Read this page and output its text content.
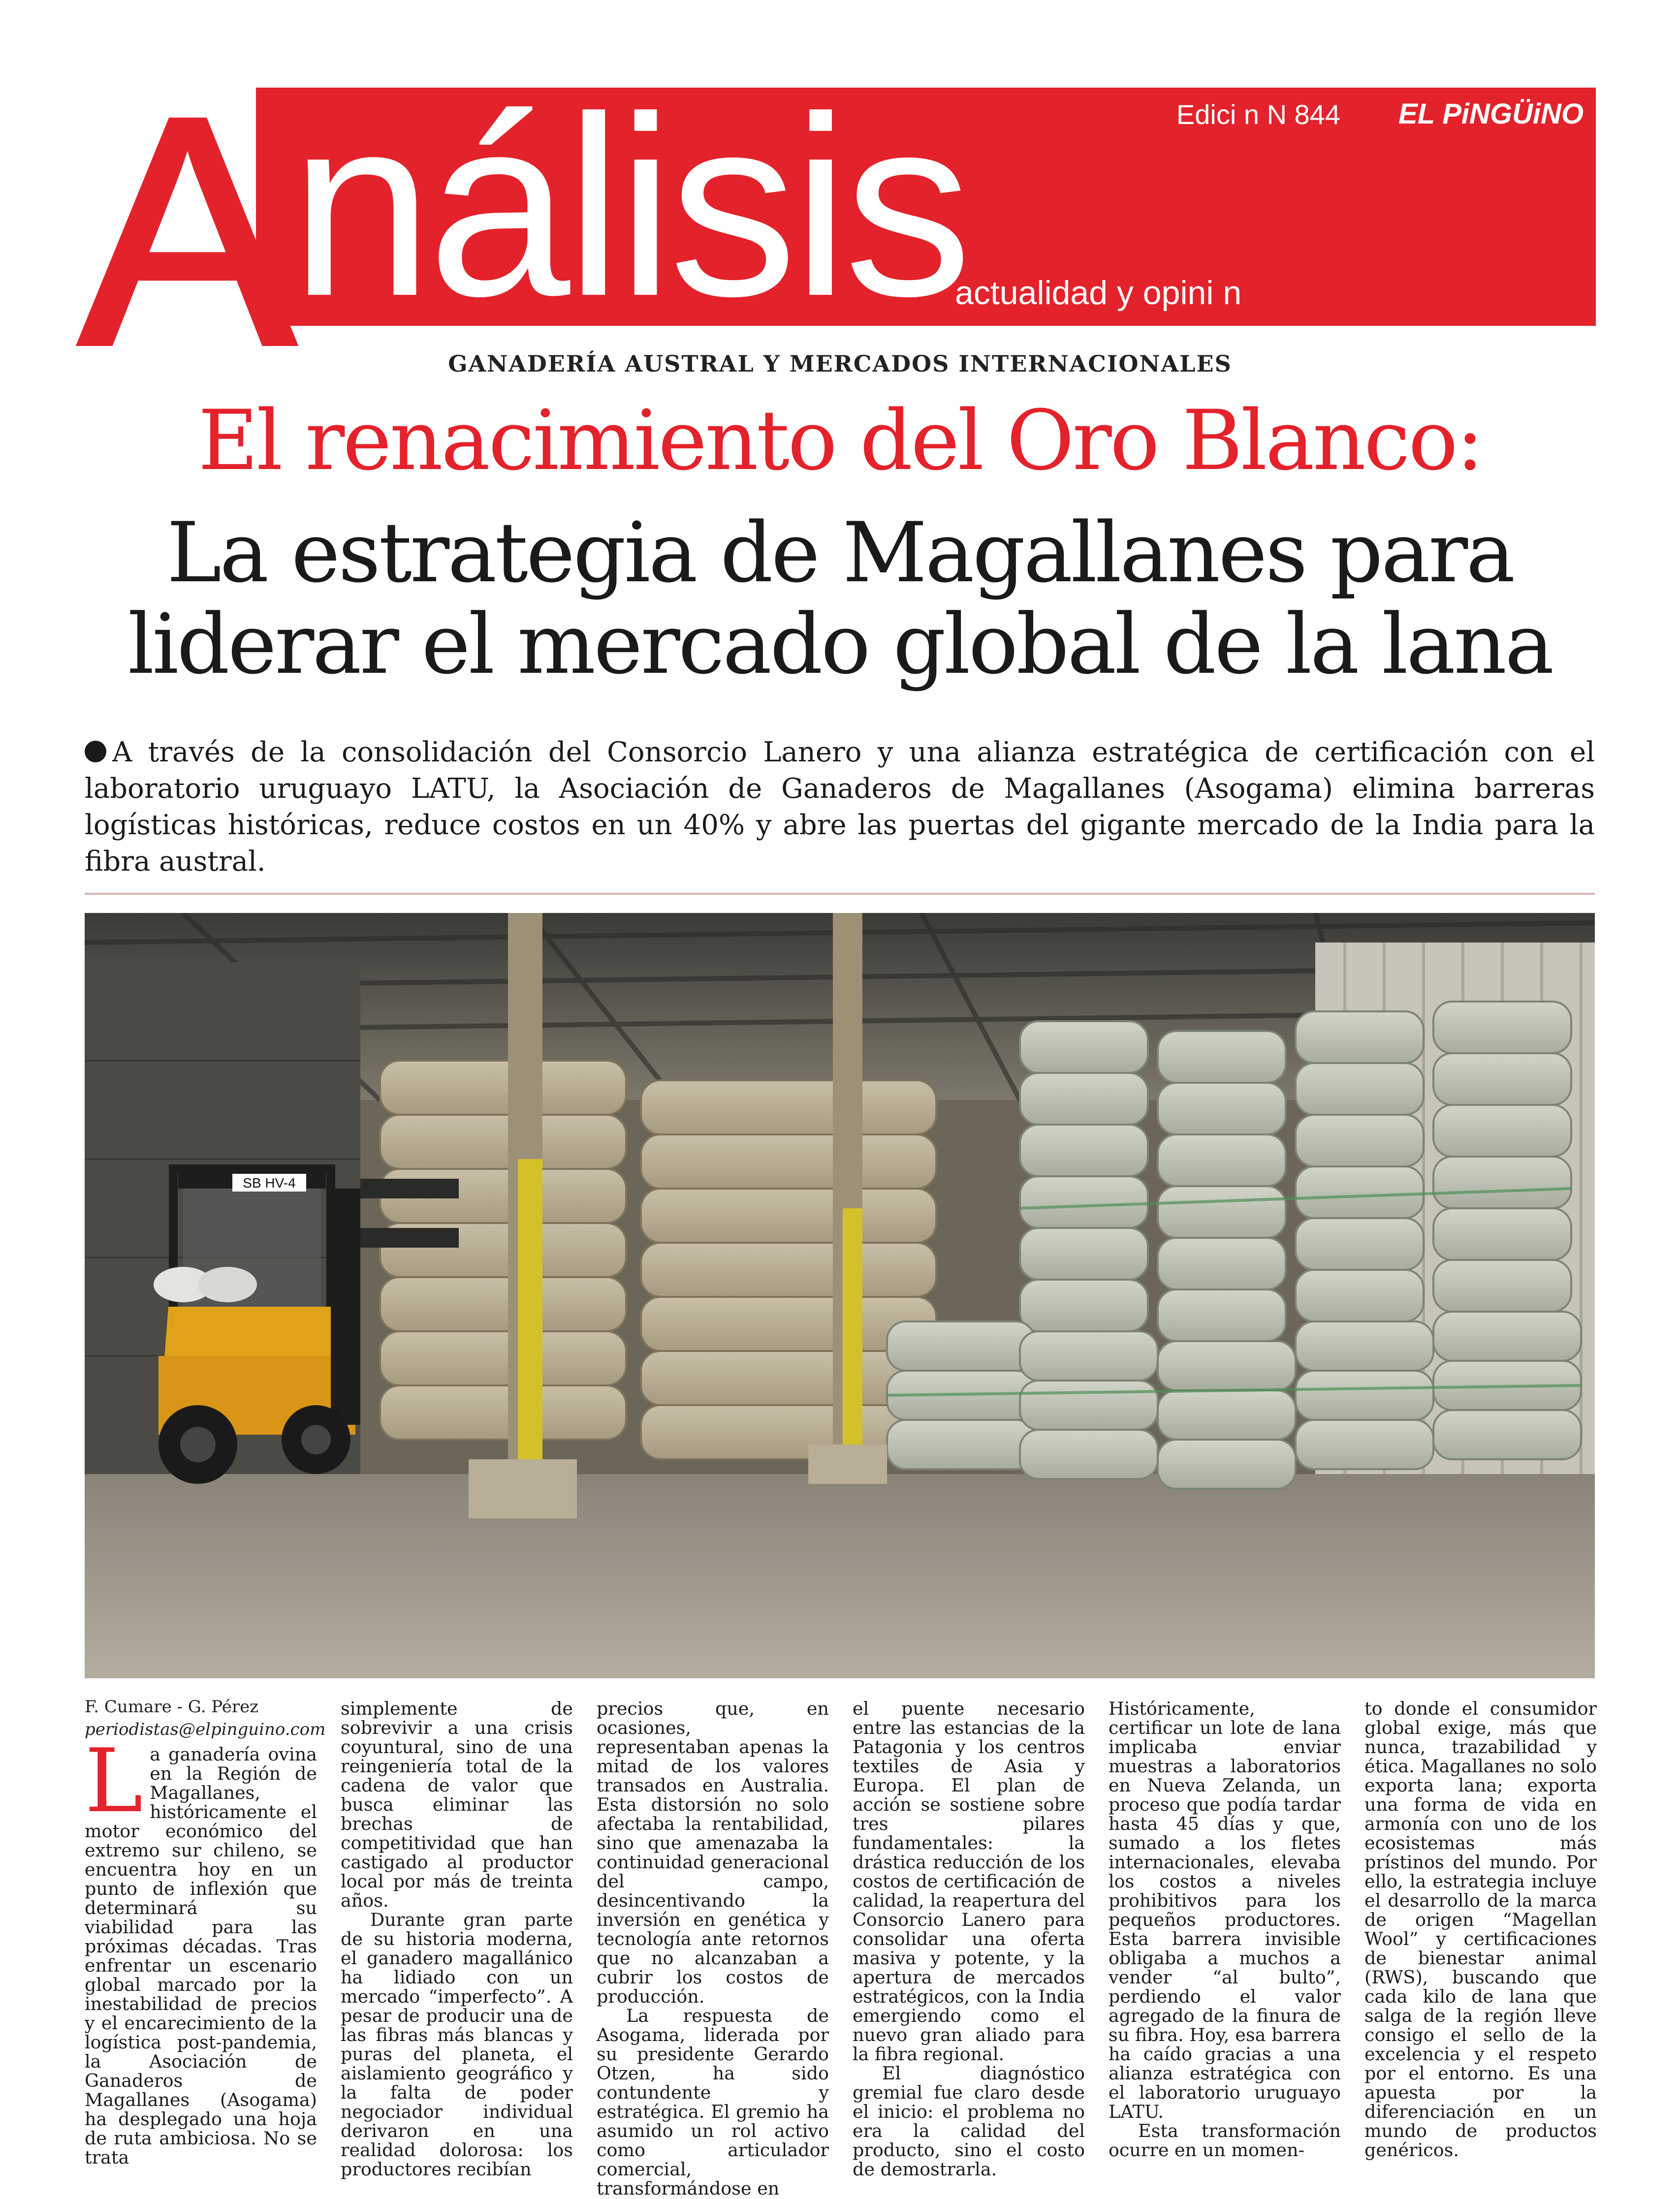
A
nálisis	Edici n N 844 EL PiNGÜiNO
actualidad y opini n
GANADERÍA AUSTRAL Y MERCADOS INTERNACIONALES
El renacimiento del Oro Blanco:
La estrategia de Magallanes para
liderar el mercado global de la lana
A través de la consolidación del Consorcio Lanero y una alianza estratégica de certificación con el laboratorio uruguayo LATU, la Asociación de Ganaderos de Magallanes (Asogama) elimina barreras logísticas históricas, reduce costos en un 40% y abre las puertas del gigante mercado de la India para la fibra austral.
SB HV-4
F. Cumare - G. Pérez
periodistas@elpinguino.com

La ganadería ovina en la Región de Magallanes, históricamente el motor económico del extremo sur chileno, se encuentra hoy en un punto de inflexión que determinará su viabilidad para las próximas décadas. Tras enfrentar un escenario global marcado por la inestabilidad de precios y el encarecimiento de la logística post-pandemia, la Asociación de Ganaderos de Magallanes (Asogama) ha desplegado una hoja de ruta ambiciosa. No se trata

simplemente de sobrevivir a una crisis coyuntural, sino de una reingeniería total de la cadena de valor que busca eliminar las brechas de competitividad que han castigado al productor local por más de treinta años.

Durante gran parte de su historia moderna, el ganadero magallánico ha lidiado con un mercado “imperfecto”. A pesar de producir una de las fibras más blancas y puras del planeta, el aislamiento geográfico y la falta de poder negociador individual derivaron en una realidad dolorosa: los productores recibían

precios que, en ocasiones, representaban apenas la mitad de los valores transados en Australia. Esta distorsión no solo afectaba la rentabilidad, sino que amenazaba la continuidad generacional del campo, desincentivando la inversión en genética y tecnología ante retornos que no alcanzaban a cubrir los costos de producción.

La respuesta de Asogama, liderada por su presidente Gerardo Otzen, ha sido contundente y estratégica. El gremio ha asumido un rol activo como articulador comercial, transformándose en

el puente necesario entre las estancias de la Patagonia y los centros textiles de Asia y Europa. El plan de acción se sostiene sobre tres pilares fundamentales: la drástica reducción de los costos de certificación de calidad, la reapertura del Consorcio Lanero para consolidar una oferta masiva y potente, y la apertura de mercados estratégicos, con la India emergiendo como el nuevo gran aliado para la fibra regional.

El diagnóstico gremial fue claro desde el inicio: el problema no era la calidad del producto, sino el costo de demostrarla.

Históricamente, certificar un lote de lana implicaba enviar muestras a laboratorios en Nueva Zelanda, un proceso que podía tardar hasta 45 días y que, sumado a los fletes internacionales, elevaba los costos a niveles prohibitivos para los pequeños productores. Esta barrera invisible obligaba a muchos a vender “al bulto”, perdiendo el valor agregado de la finura de su fibra. Hoy, esa barrera ha caído gracias a una alianza estratégica con el laboratorio uruguayo LATU.

Esta transformación ocurre en un momen-

to donde el consumidor global exige, más que nunca, trazabilidad y ética. Magallanes no solo exporta lana; exporta una forma de vida en armonía con uno de los ecosistemas más prístinos del mundo. Por ello, la estrategia incluye el desarrollo de la marca de origen “Magellan Wool” y certificaciones de bienestar animal (RWS), buscando que cada kilo de lana que salga de la región lleve consigo el sello de la excelencia y el respeto por el entorno. Es una apuesta por la diferenciación en un mundo de productos genéricos.
